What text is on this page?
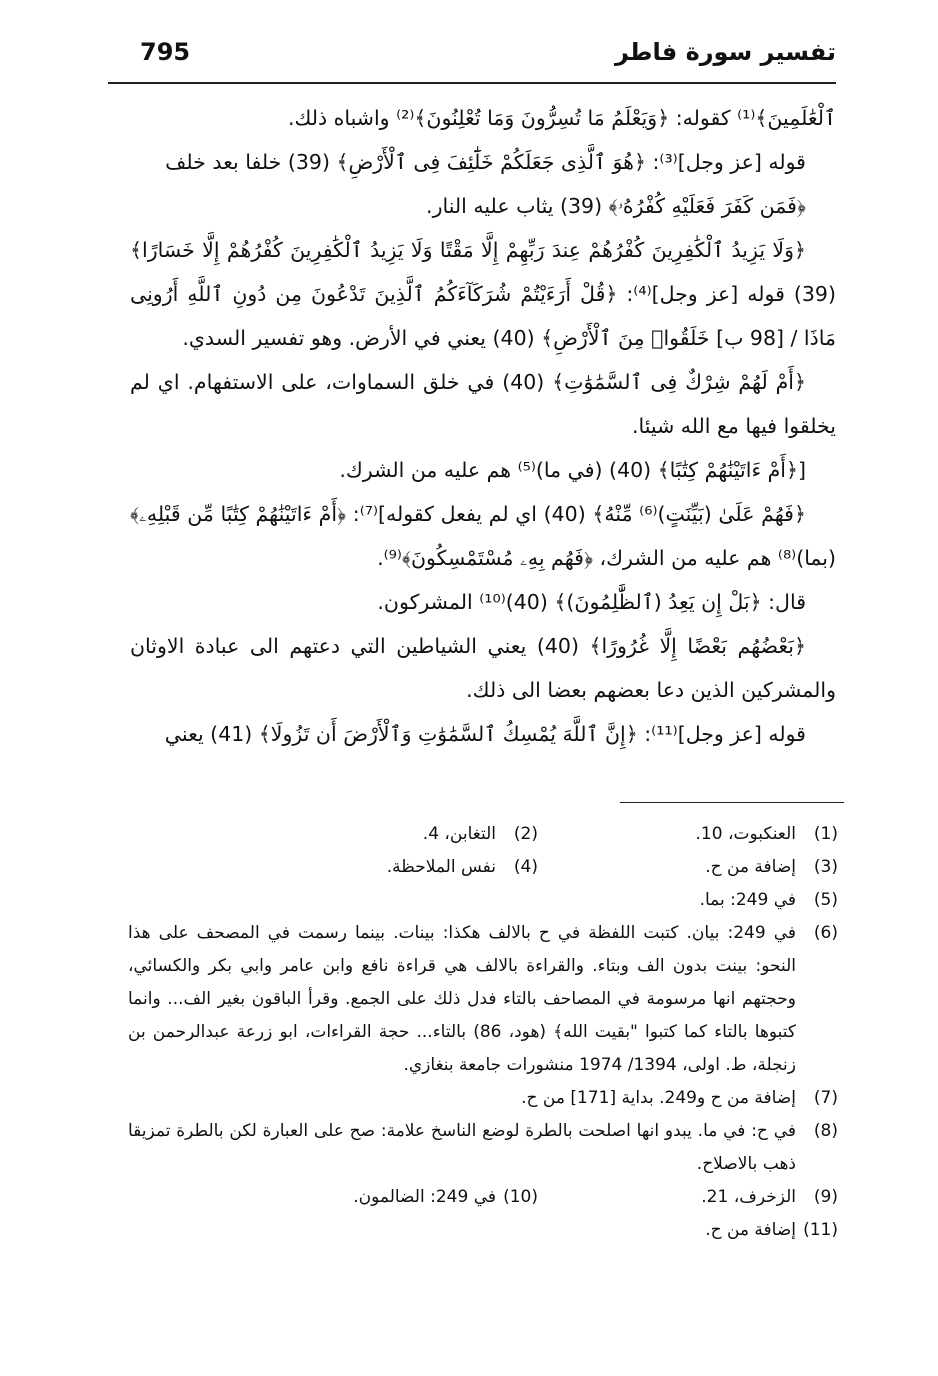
795	تفسير سورة فاطر

ٱلْعَٰلَمِينَ﴾⁽¹⁾ كقوله: ﴿وَيَعْلَمُ مَا تُسِرُّونَ وَمَا تُعْلِنُونَ﴾⁽²⁾ واشباه ذلك.

قوله [عز وجل]⁽³⁾: ﴿هُوَ ٱلَّذِى جَعَلَكُمْ خَلَٰٓئِفَ فِى ٱلْأَرْضِ﴾ (39) خلفا بعد خلف

﴿فَمَن كَفَرَ فَعَلَيْهِ كُفْرُهُۥ﴾ (39) يثاب عليه النار.

﴿وَلَا يَزِيدُ ٱلْكَٰفِرِينَ كُفْرُهُمْ عِندَ رَبِّهِمْ إِلَّا مَقْتًا وَلَا يَزِيدُ ٱلْكَٰفِرِينَ كُفْرُهُمْ إِلَّا خَسَارًا﴾ (39) قوله [عز وجل]⁽⁴⁾: ﴿قُلْ أَرَءَيْتُمْ شُرَكَآءَكُمُ ٱلَّذِينَ تَدْعُونَ مِن دُونِ ٱللَّهِ أَرُونِى مَاذَا / [98 ب] خَلَقُوا۟ مِنَ ٱلْأَرْضِ﴾ (40) يعني في الأرض. وهو تفسير السدي.

﴿أَمْ لَهُمْ شِرْكٌ فِى ٱلسَّمَٰوَٰتِ﴾ (40) في خلق السماوات، على الاستفهام. اي لم يخلقوا فيها مع الله شيئا.

[﴿أَمْ ءَاتَيْنَٰهُمْ كِتَٰبًا﴾ (40) (في ما)⁽⁵⁾ هم عليه من الشرك.

﴿فَهُمْ عَلَىٰ (بَيِّنَتٍ)⁽⁶⁾ مِّنْهُ﴾ (40) اي لم يفعل كقوله]⁽⁷⁾: ﴿أَمْ ءَاتَيْنَٰهُمْ كِتَٰبًا مِّن قَبْلِهِۦ﴾ (بما)⁽⁸⁾ هم عليه من الشرك، ﴿فَهُم بِهِۦ مُسْتَمْسِكُونَ﴾⁽⁹⁾.

قال: ﴿بَلْ إِن يَعِدُ (ٱلظَّٰلِمُونَ)﴾ (40)⁽¹⁰⁾ المشركون.

﴿بَعْضُهُم بَعْضًا إِلَّا غُرُورًا﴾ (40) يعني الشياطين التي دعتهم الى عبادة الاوثان والمشركين الذين دعا بعضهم بعضا الى ذلك.

قوله [عز وجل]⁽¹¹⁾: ﴿إِنَّ ٱللَّهَ يُمْسِكُ ٱلسَّمَٰوَٰتِ وَٱلْأَرْضَ أَن تَزُولَا﴾ (41) يعني

(1)
العنكبوت، 10.
(2)
التغابن، 4.
(3)
إضافة من ح.
(4)
نفس الملاحظة.
(5)
في 249: بما.
(6)
في 249: بيان. كتبت اللفظة في ح بالالف هكذا: بينات. بينما رسمت في المصحف على هذا النحو: بينت بدون الف وبتاء. والقراءة بالالف هي قراءة نافع وابن عامر وابي بكر والكسائي، وحجتهم انها مرسومة في المصاحف بالتاء فدل ذلك على الجمع. وقرأ الباقون بغير الف... وانما كتبوها بالتاء كما كتبوا "بقيت الله﴾ (هود، 86) بالتاء... حجة القراءات، ابو زرعة عبدالرحمن بن زنجلة، ط. اولى، 1394/ 1974 منشورات جامعة بنغازي.
(7)
إضافة من ح و249. بداية [171] من ح.
(8)
في ح: في ما. يبدو انها اصلحت بالطرة لوضع الناسخ علامة: صح على العبارة لكن بالطرة تمزيقا ذهب بالاصلاح.
(9)
الزخرف، 21.
(10)
في 249: الضالمون.
(11)
إضافة من ح.
